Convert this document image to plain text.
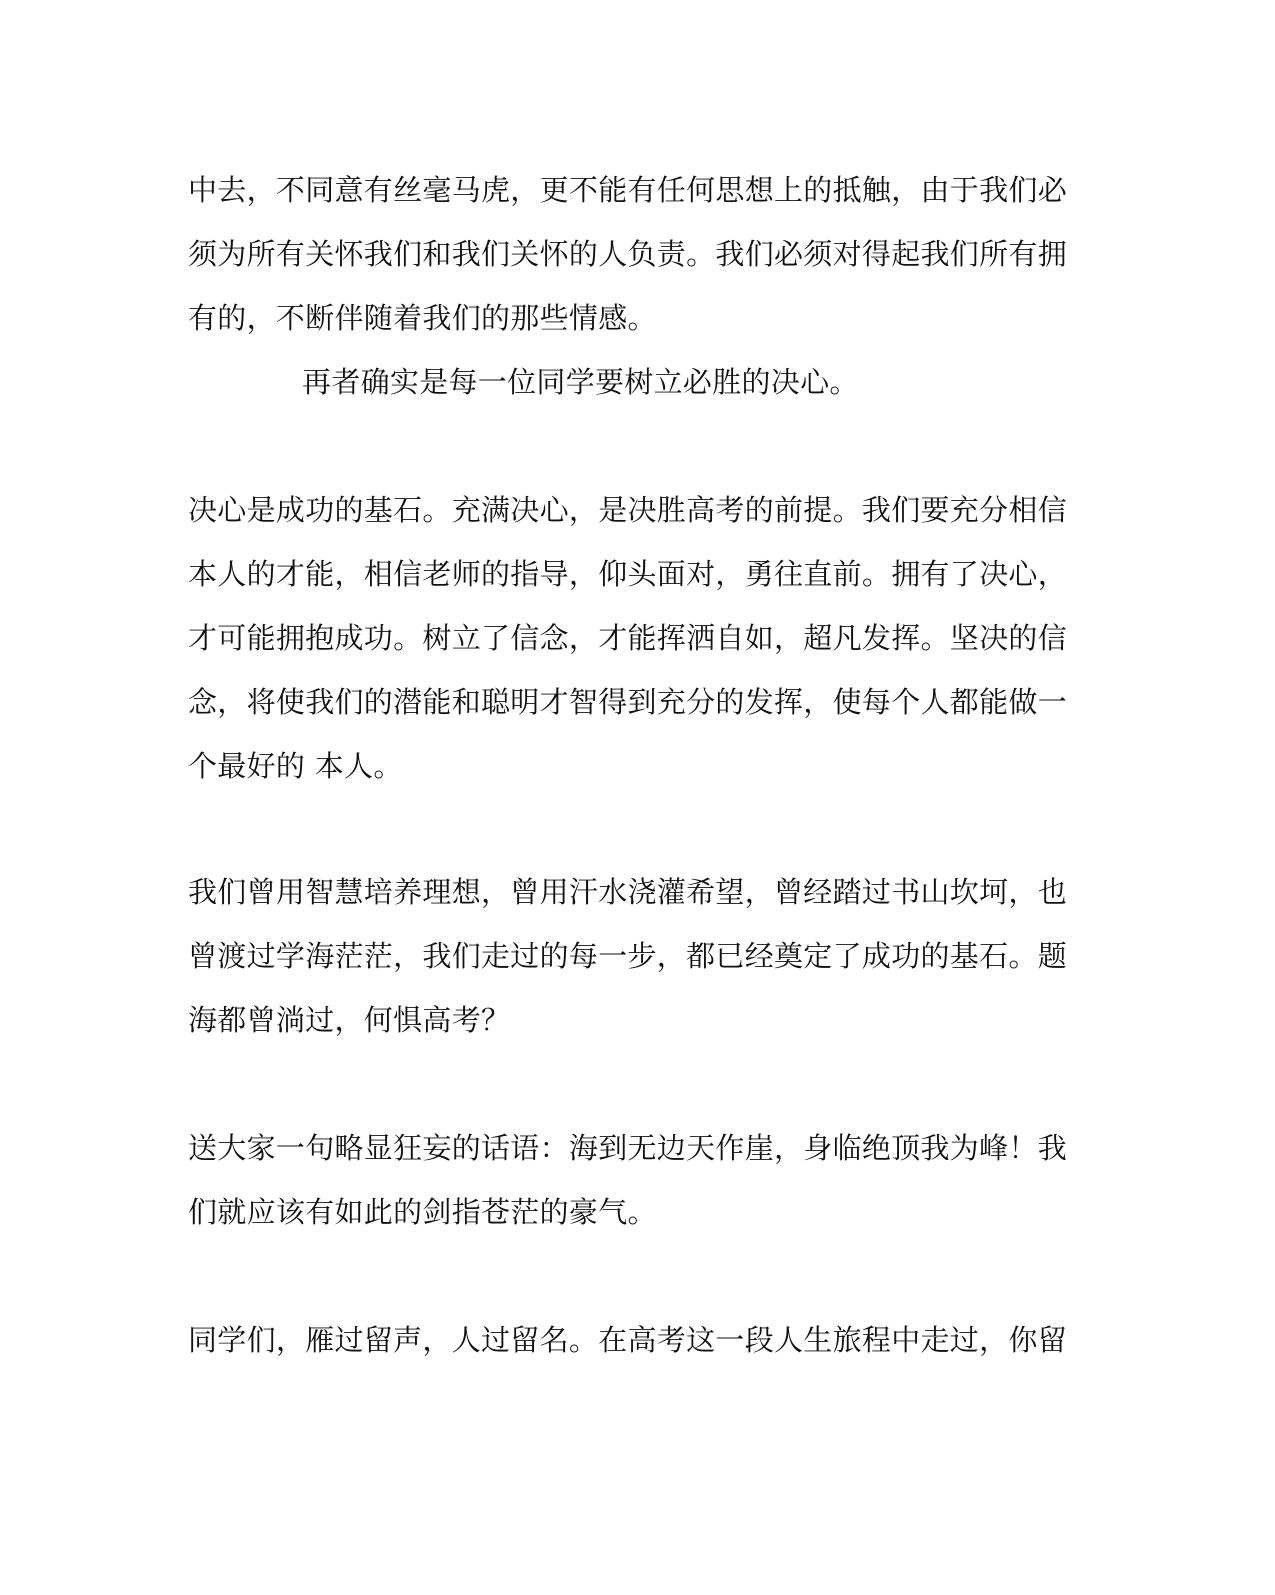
中去，不同意有丝毫马虎，更不能有任何思想上的抵触，由于我们必
须为所有关怀我们和我们关怀的人负责。我们必须对得起我们所有拥
有的，不断伴随着我们的那些情感。
再者确实是每一位同学要树立必胜的决心。
决心是成功的基石。充满决心，是决胜高考的前提。我们要充分相信
本人的才能，相信老师的指导，仰头面对，勇往直前。拥有了决心，
才可能拥抱成功。树立了信念，才能挥洒自如，超凡发挥。坚决的信
念，将使我们的潜能和聪明才智得到充分的发挥，使每个人都能做一
个最好的 本人。
我们曾用智慧培养理想，曾用汗水浇灌希望，曾经踏过书山坎坷，也
曾渡过学海茫茫，我们走过的每一步，都已经奠定了成功的基石。题
海都曾淌过，何惧高考？
送大家一句略显狂妄的话语：海到无边天作崖，身临绝顶我为峰！我
们就应该有如此的剑指苍茫的豪气。
同学们，雁过留声，人过留名。在高考这一段人生旅程中走过，你留
